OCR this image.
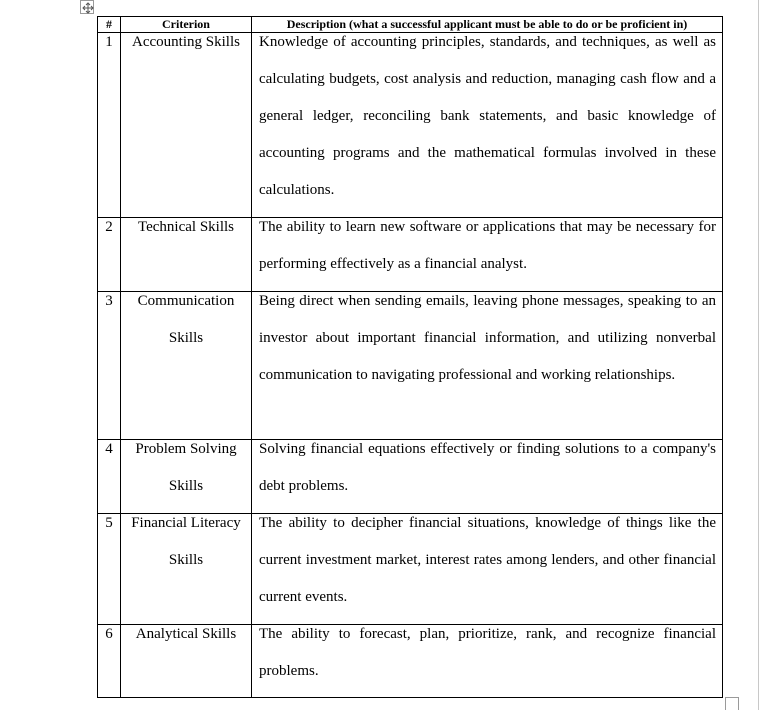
#	Criterion	Description (what a successful applicant must be able to do or be proficient in)

1	Accounting Skills	Knowledge of accounting principles, standards, and techniques, as well as calculating budgets, cost analysis and reduction, managing cash flow and a general ledger, reconciling bank statements, and basic knowledge of accounting programs and the mathematical formulas involved in these calculations.

2	Technical Skills	The ability to learn new software or applications that may be necessary for performing effectively as a financial analyst.

3	Communication Skills	Being direct when sending emails, leaving phone messages, speaking to an investor about important financial information, and utilizing nonverbal communication to navigating professional and working relationships.

4	Problem Solving Skills	Solving financial equations effectively or finding solutions to a company's debt problems.

5	Financial Literacy Skills	The ability to decipher financial situations, knowledge of things like the current investment market, interest rates among lenders, and other financial current events.

6	Analytical Skills	The ability to forecast, plan, prioritize, rank, and recognize financial problems.
